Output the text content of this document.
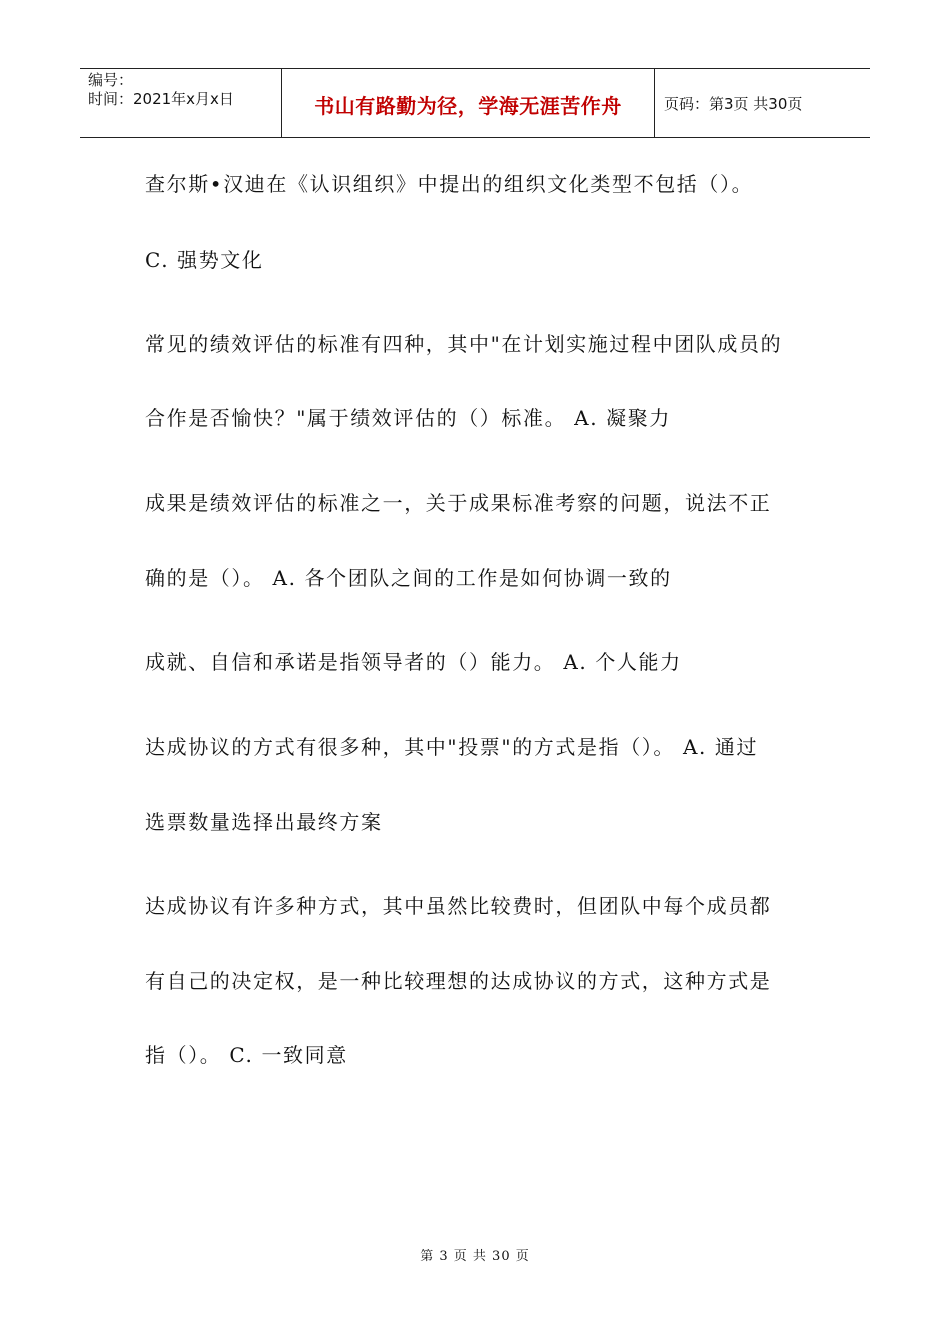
编号：
时间：2021年x月x日	书山有路勤为径，学海无涯苦作舟	页码：第3页 共30页
查尔斯•汉迪在《认识组织》中提出的组织文化类型不包括（）。
C. 强势文化
常见的绩效评估的标准有四种，其中"在计划实施过程中团队成员的
合作是否愉快？"属于绩效评估的（）标准。 A. 凝聚力
成果是绩效评估的标准之一，关于成果标准考察的问题，说法不正
确的是（）。 A. 各个团队之间的工作是如何协调一致的
成就、自信和承诺是指领导者的（）能力。 A. 个人能力
达成协议的方式有很多种，其中"投票"的方式是指（）。 A. 通过
选票数量选择出最终方案
达成协议有许多种方式，其中虽然比较费时，但团队中每个成员都
有自己的决定权，是一种比较理想的达成协议的方式，这种方式是
指（）。 C. 一致同意
第 3 页 共 30 页
